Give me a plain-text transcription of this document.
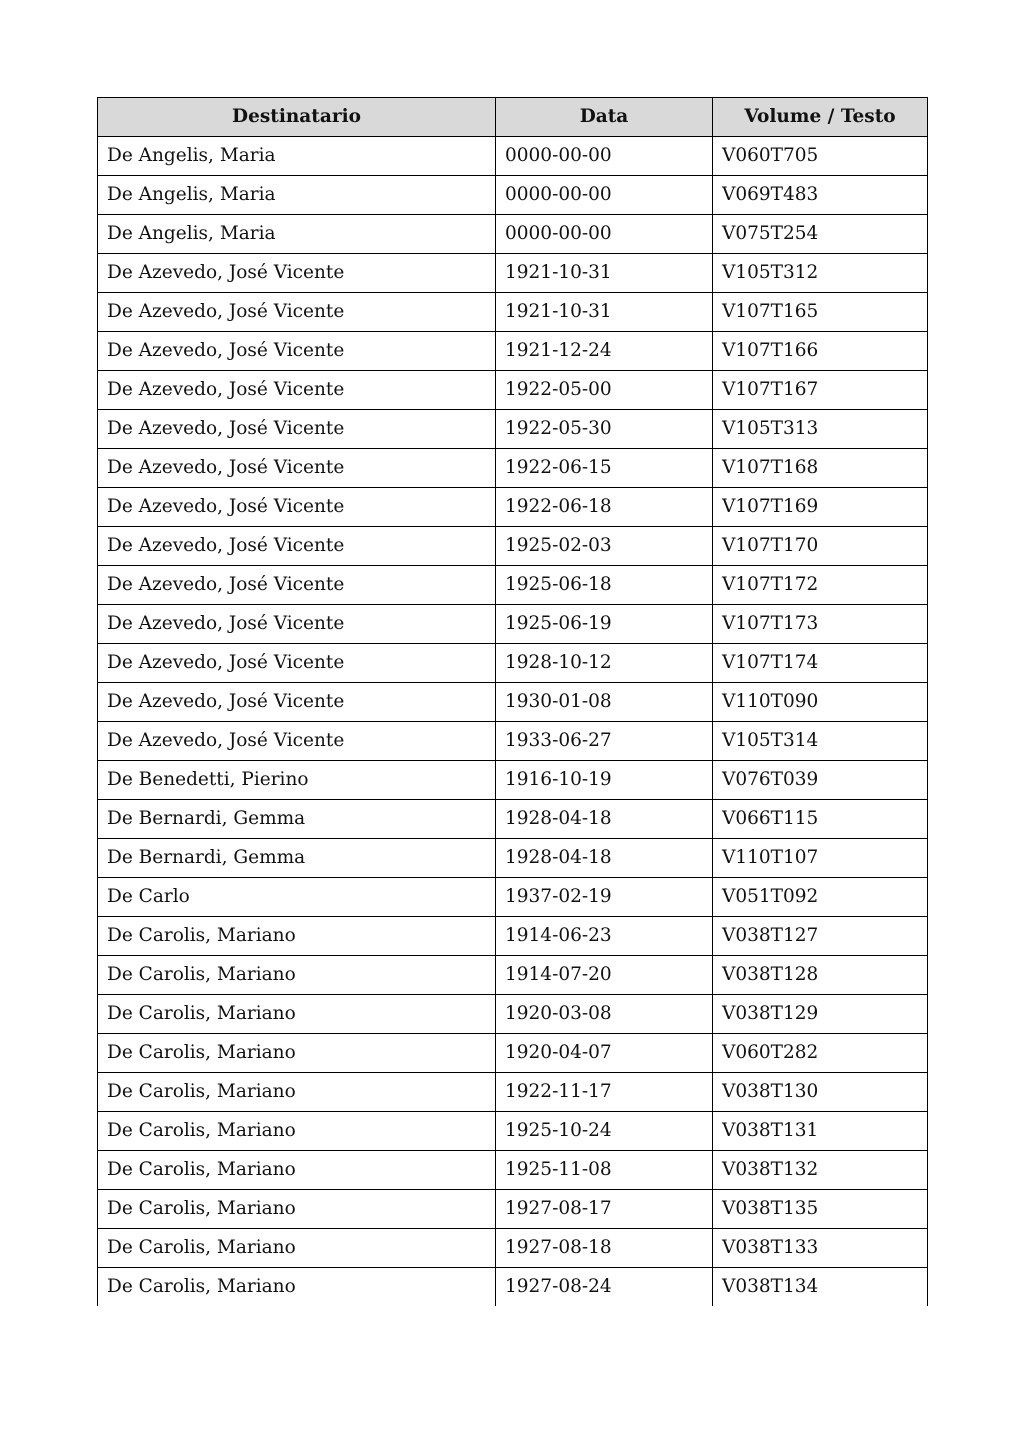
Destinatario	Data	Volume / Testo
De Angelis, Maria	0000-00-00	V060T705
De Angelis, Maria	0000-00-00	V069T483
De Angelis, Maria	0000-00-00	V075T254
De Azevedo, José Vicente	1921-10-31	V105T312
De Azevedo, José Vicente	1921-10-31	V107T165
De Azevedo, José Vicente	1921-12-24	V107T166
De Azevedo, José Vicente	1922-05-00	V107T167
De Azevedo, José Vicente	1922-05-30	V105T313
De Azevedo, José Vicente	1922-06-15	V107T168
De Azevedo, José Vicente	1922-06-18	V107T169
De Azevedo, José Vicente	1925-02-03	V107T170
De Azevedo, José Vicente	1925-06-18	V107T172
De Azevedo, José Vicente	1925-06-19	V107T173
De Azevedo, José Vicente	1928-10-12	V107T174
De Azevedo, José Vicente	1930-01-08	V110T090
De Azevedo, José Vicente	1933-06-27	V105T314
De Benedetti, Pierino	1916-10-19	V076T039
De Bernardi, Gemma	1928-04-18	V066T115
De Bernardi, Gemma	1928-04-18	V110T107
De Carlo	1937-02-19	V051T092
De Carolis, Mariano	1914-06-23	V038T127
De Carolis, Mariano	1914-07-20	V038T128
De Carolis, Mariano	1920-03-08	V038T129
De Carolis, Mariano	1920-04-07	V060T282
De Carolis, Mariano	1922-11-17	V038T130
De Carolis, Mariano	1925-10-24	V038T131
De Carolis, Mariano	1925-11-08	V038T132
De Carolis, Mariano	1927-08-17	V038T135
De Carolis, Mariano	1927-08-18	V038T133
De Carolis, Mariano	1927-08-24	V038T134
